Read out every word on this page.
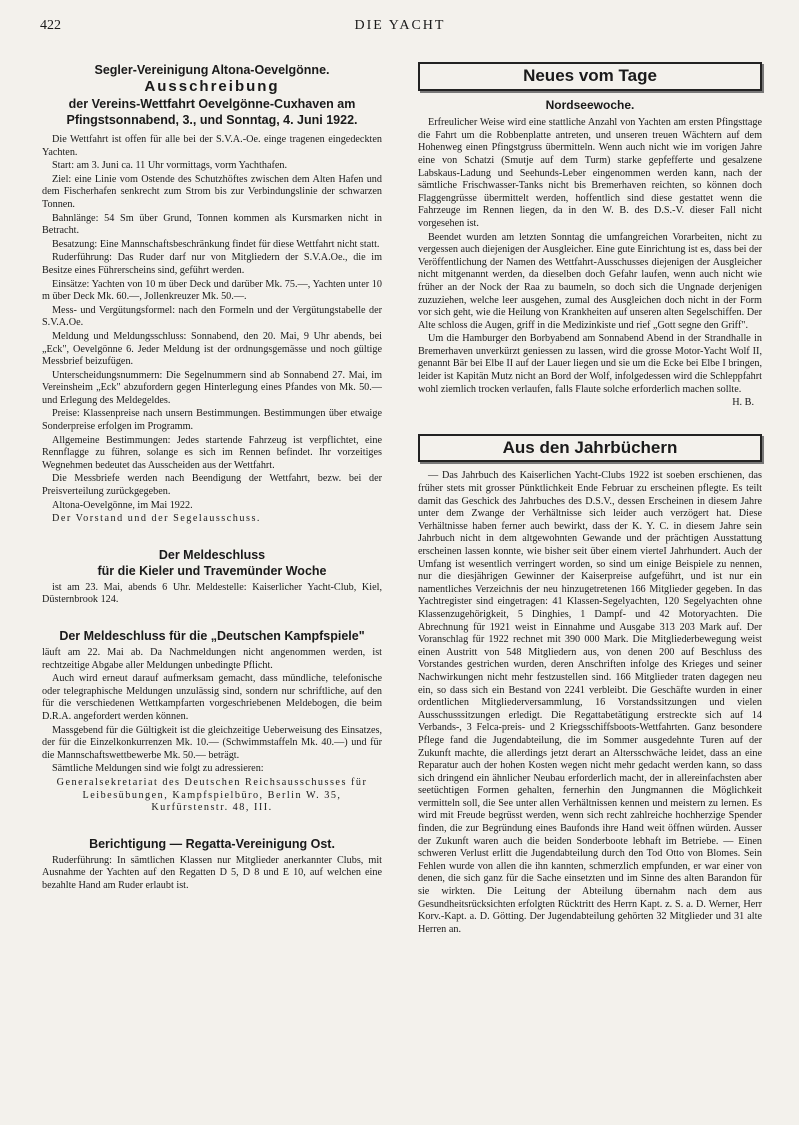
422	DIE YACHT
Segler-Vereinigung Altona-Oevelgönne.
Ausschreibung
der Vereins-Wettfahrt Oevelgönne-Cuxhaven am
Pfingstsonnabend, 3., und Sonntag, 4. Juni 1922.

Die Wettfahrt ist offen für alle bei der S.V.A.-Oe. einge tragenen eingedeckten Yachten.

Start: am 3. Juni ca. 11 Uhr vormittags, vorm Yachthafen.

Ziel: eine Linie vom Ostende des Schutzhöftes zwischen dem Alten Hafen und dem Fischerhafen senkrecht zum Strom bis zur Verbindungslinie der schwarzen Tonnen.

Bahnlänge: 54 Sm über Grund, Tonnen kommen als Kursmarken nicht in Betracht.

Besatzung: Eine Mannschaftsbeschränkung findet für diese Wettfahrt nicht statt.

Ruderführung: Das Ruder darf nur von Mitgliedern der S.V.A.Oe., die im Besitze eines Führerscheins sind, geführt werden.

Einsätze: Yachten von 10 m über Deck und darüber Mk. 75.—, Yachten unter 10 m über Deck Mk. 60.—, Jollenkreuzer Mk. 50.—.

Mess- und Vergütungsformel: nach den Formeln und der Vergütungstabelle der S.V.A.Oe.

Meldung und Meldungsschluss: Sonnabend, den 20. Mai, 9 Uhr abends, bei „Eck", Oevelgönne 6. Jeder Meldung ist der ordnungsgemässe und noch gültige Messbrief beizufügen.

Unterscheidungsnummern: Die Segelnummern sind ab Sonnabend 27. Mai, im Vereinsheim „Eck" abzufordern gegen Hinterlegung eines Pfandes von Mk. 50.— und Erlegung des Meldegeldes.

Preise: Klassenpreise nach unsern Bestimmungen. Bestimmungen über etwaige Sonderpreise erfolgen im Programm.

Allgemeine Bestimmungen: Jedes startende Fahrzeug ist verpflichtet, eine Rennflagge zu führen, solange es sich im Rennen befindet. Ihr vorzeitiges Wegnehmen bedeutet das Ausscheiden aus der Wettfahrt.

Die Messbriefe werden nach Beendigung der Wettfahrt, bezw. bei der Preisverteilung zurückgegeben.

Altona-Oevelgönne, im Mai 1922.

Der Vorstand und der Segelausschuss.

Der Meldeschluss
für die Kieler und Travemünder Woche

ist am 23. Mai, abends 6 Uhr. Meldestelle: Kaiserlicher Yacht-Club, Kiel, Düsternbrook 124.

Der Meldeschluss für die „Deutschen Kampfspiele"

läuft am 22. Mai ab. Da Nachmeldungen nicht angenommen werden, ist rechtzeitige Abgabe aller Meldungen unbedingte Pflicht.

Auch wird erneut darauf aufmerksam gemacht, dass mündliche, telefonische oder telegraphische Meldungen unzulässig sind, sondern nur schriftliche, auf den für die verschiedenen Wettkampfarten vorgeschriebenen Meldebogen, die beim D.R.A. angefordert werden können.

Massgebend für die Gültigkeit ist die gleichzeitige Ueberweisung des Einsatzes, der für die Einzelkonkurrenzen Mk. 10.— (Schwimmstaffeln Mk. 40.—) und für die Mannschaftswettbewerbe Mk. 50.— beträgt.

Sämtliche Meldungen sind wie folgt zu adressieren:

Generalsekretariat des Deutschen Reichsausschusses für Leibesübungen, Kampfspielbüro, Berlin W. 35, Kurfürstenstr. 48, III.

Berichtigung — Regatta-Vereinigung Ost.

Ruderführung: In sämtlichen Klassen nur Mitglieder anerkannter Clubs, mit Ausnahme der Yachten auf den Regatten D 5, D 8 und E 10, auf welchen eine bezahlte Hand am Ruder erlaubt ist.

Neues vom Tage
Nordseewoche.

Erfreulicher Weise wird eine stattliche Anzahl von Yachten am ersten Pfingsttage die Fahrt um die Robbenplatte antreten, und unseren treuen Wächtern auf dem Hohenweg einen Pfingstgruss übermitteln. Wenn auch nicht wie im vorigen Jahre eine von Schatzi (Smutje auf dem Turm) starke gepfefferte und gesalzene Labskaus-Ladung und Seehunds-Leber eingenommen werden kann, nach der sämtliche Frischwasser-Tanks nicht bis Bremerhaven reichten, so können doch Flaggengrüsse übermittelt werden, hoffentlich sind diese gestattet wenn die Fahrzeuge im Rennen liegen, da in den W. B. des D.S.-V. dieser Fall nicht vorgesehen ist.

Beendet wurden am letzten Sonntag die umfangreichen Vorarbeiten, nicht zu vergessen auch diejenigen der Ausgleicher. Eine gute Einrichtung ist es, dass bei der Veröffentlichung der Namen des Wettfahrt-Ausschusses diejenigen der Ausgleicher nicht mitgenannt werden, da dieselben doch Gefahr laufen, wenn auch nicht wie früher an der Nock der Raa zu baumeln, so doch sich die Ungnade derjenigen zuzuziehen, welche leer ausgehen, zumal des Ausgleichen doch nicht in der Form vor sich geht, wie die Heilung von Krankheiten auf unseren alten Segelschiffen. Der Alte schloss die Augen, griff in die Medizinkiste und rief „Gott segne den Griff".

Um die Hamburger den Borbyabend am Sonnabend Abend in der Strandhalle in Bremerhaven unverkürzt geniessen zu lassen, wird die grosse Motor-Yacht Wolf II, genannt Bär bei Elbe II auf der Lauer liegen und sie um die Ecke bei Elbe I bringen, leider ist Kapitän Mutz nicht an Bord der Wolf, infolgedessen wird die Schleppfahrt wohl ziemlich trocken verlaufen, falls Flaute solche erforderlich machen sollte.

H. B.
Aus den Jahrbüchern

— Das Jahrbuch des Kaiserlichen Yacht-Clubs 1922 ist soeben erschienen, das früher stets mit grosser Pünktlichkeit Ende Februar zu erscheinen pflegte. Es teilt damit das Geschick des Jahrbuches des D.S.V., dessen Erscheinen in diesem Jahre unter dem Zwange der Verhältnisse sich leider auch verzögert hat. Diese Verhältnisse haben ferner auch bewirkt, dass der K. Y. C. in diesem Jahre sein Jahrbuch nicht in dem altgewohnten Gewande und der prächtigen Ausstattung erscheinen lassen konnte, wie bisher seit über einem vierteI Jahrhundert. Auch der Umfang ist wesentlich verringert worden, so sind um einige Beispiele zu nennen, nur die diesjährigen Gewinner der Kaiserpreise aufgeführt, und ist nur ein namentliches Verzeichnis der neu hinzugetretenen 166 Mitglieder gegeben. In das Yachtregister sind eingetragen: 41 Klassen-Segelyachten, 120 Segelyachten ohne Klassenzugehörigkeit, 5 Dinghies, 1 Dampf- und 42 Motoryachten. Die Abrechnung für 1921 weist in Einnahme und Ausgabe 313 203 Mark auf. Der Voranschlag für 1922 rechnet mit 390 000 Mark. Die Mitgliederbewegung weist einen Austritt von 548 Mitgliedern aus, von denen 200 auf Beschluss des Vorstandes gestrichen wurden, deren Anschriften infolge des Krieges und seiner Nachwirkungen nicht mehr festzustellen sind. 166 Mitglieder traten dagegen neu ein, so dass sich ein Bestand von 2241 verbleibt. Die Geschäfte wurden in einer ordentlichen Mitgliederversammlung, 16 Vorstandssitzungen und vielen Ausschusssitzungen erledigt. Die Regattabetätigung erstreckte sich auf 14 Verbands-, 3 Felca-preis- und 2 Kriegsschiffsboots-Wettfahrten. Ganz besondere Pflege fand die Jugendabteilung, die im Sommer ausgedehnte Turen auf der Zukunft machte, die allerdings jetzt derart an Altersschwäche leidet, dass an eine Reparatur auch der hohen Kosten wegen nicht mehr gedacht werden kann, so dass sich dringend ein ähnlicher Neubau erforderlich macht, der in allereinfachsten aber seetüchtigen Formen gehalten, fernerhin den Jungmannen die Möglichkeit vermitteln soll, die See unter allen Verhältnissen kennen und meistern zu lernen. Es wird mit Freude begrüsst werden, wenn sich recht zahlreiche hochherzige Spender finden, die zur Begründung eines Baufonds ihre Hand weit öffnen würden. Ausser der Zukunft waren auch die beiden Sonderboote lebhaft im Betriebe. — Einen schweren Verlust erlitt die Jugendabteilung durch den Tod Otto von Blomes. Sein Fehlen wurde von allen die ihn kannten, schmerzlich empfunden, er war einer von denen, die sich ganz für die Sache einsetzten und im Sinne des alten Barandon für sie wirkten. Die Leitung der Abteilung übernahm nach dem aus Gesundheitsrücksichten erfolgten Rücktritt des Herrn Kapt. z. S. a. D. Werner, Herr Korv.-Kapt. a. D. Götting. Der Jugendabteilung gehörten 32 Mitglieder und 31 alte Herren an.
